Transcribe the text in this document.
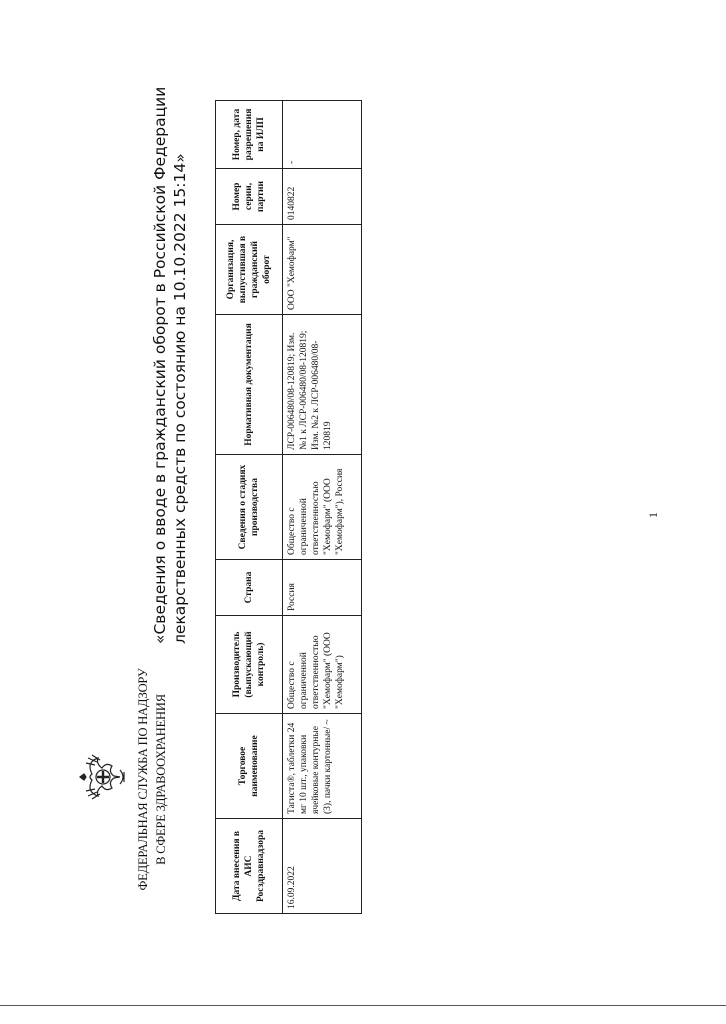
ФЕДЕРАЛЬНАЯ СЛУЖБА ПО НАДЗОРУ В СФЕРЕ ЗДРАВООХРАНЕНИЯ
«Сведения о вводе в гражданский оборот в Российской Федерации лекарственных средств по состоянию на 10.10.2022 15:14»
Дата внесения в АИС Росздравнадзора	Торговое наименование	Производитель (выпускающий контроль)	Страна	Сведения о стадиях производства	Нормативная документация	Организация, выпустившая в гражданский оборот	Номер серии, партии	Номер, дата разрешения на ИЛП
16.09.2022	Тагиста®, таблетки 24 мг 10 шт., упаковки ячейковые контурные (3), пачки картонные/ ~	Общество с ограниченной ответственностью "Хемофарм" (ООО "Хемофарм")	Россия	Общество с ограниченной ответственностью "Хемофарм" (ООО "Хемофарм"), Россия	ЛСР-006480/08-120819; Изм. №1 к ЛСР-006480/08-120819; Изм. №2 к ЛСР-006480/08-120819	ООО "Хемофарм"	0140822	-
1
